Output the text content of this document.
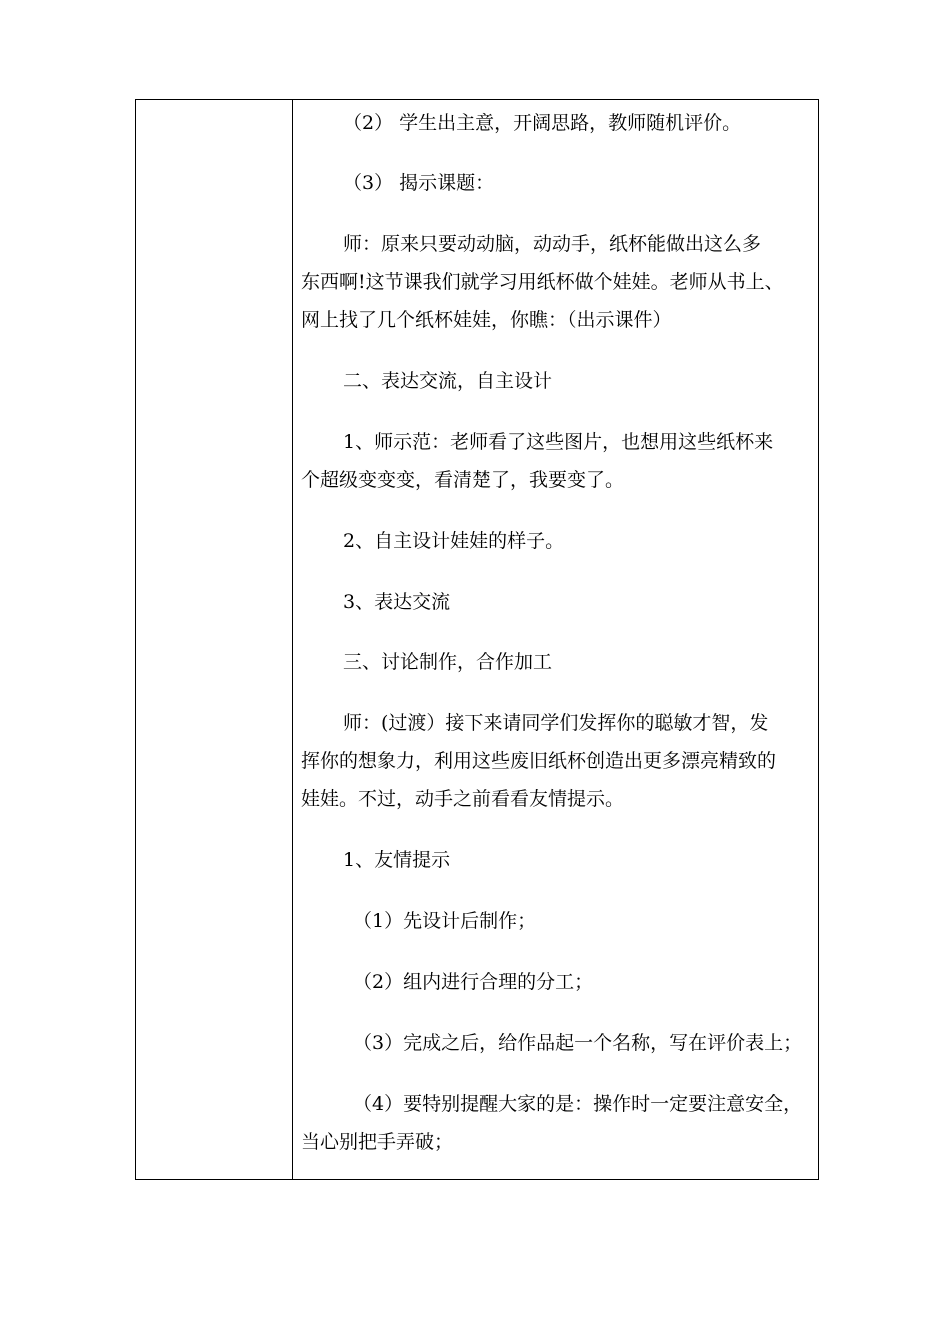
（2） 学生出主意，开阔思路，教师随机评价。
（3） 揭示课题：
师：原来只要动动脑，动动手，纸杯能做出这么多
东西啊!这节课我们就学习用纸杯做个娃娃。老师从书上、
网上找了几个纸杯娃娃，你瞧：（出示课件）
二、表达交流，自主设计
1、师示范：老师看了这些图片，也想用这些纸杯来
个超级变变变，看清楚了，我要变了。
2、自主设计娃娃的样子。
3、表达交流
三、讨论制作，合作加工
师：(过渡）接下来请同学们发挥你的聪敏才智，发
挥你的想象力，利用这些废旧纸杯创造出更多漂亮精致的
娃娃。不过，动手之前看看友情提示。
1、友情提示
（1）先设计后制作；
（2）组内进行合理的分工；
（3）完成之后，给作品起一个名称，写在评价表上；
（4）要特别提醒大家的是：操作时一定要注意安全，
当心别把手弄破；
